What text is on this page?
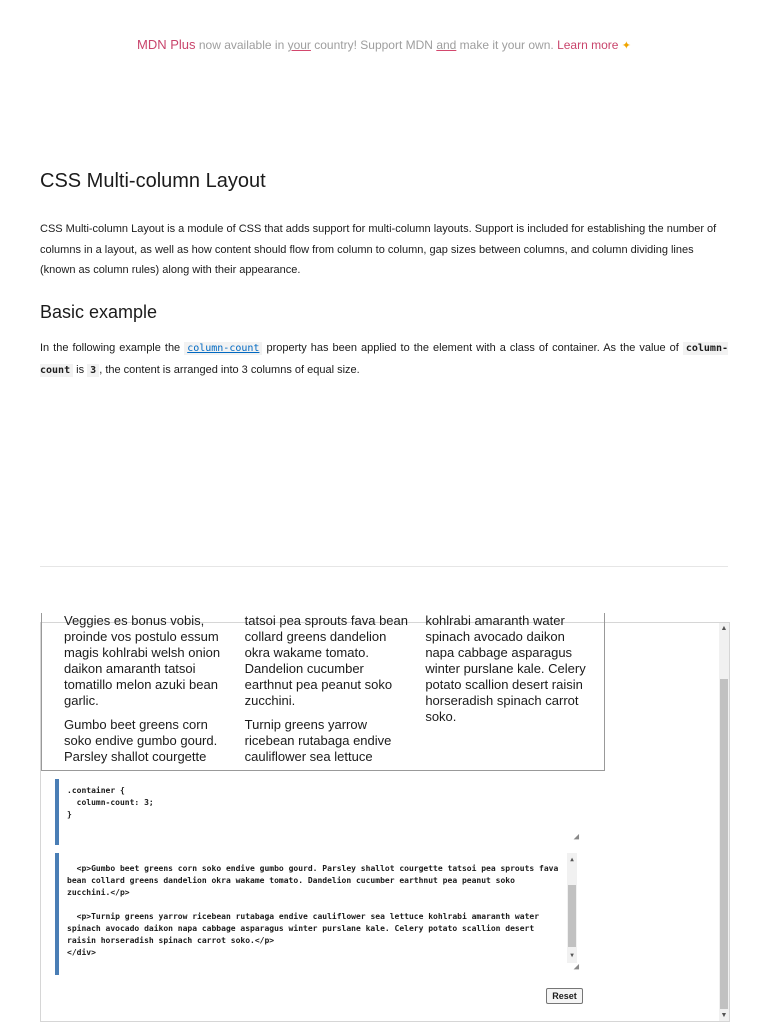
MDN Plus now available in your country! Support MDN and make it your own. Learn more ✦
CSS Multi-column Layout

CSS Multi-column Layout is a module of CSS that adds support for multi-column layouts. Support is included for establishing the number of columns in a layout, as well as how content should flow from column to column, gap sizes between columns, and column dividing lines (known as column rules) along with their appearance.

Basic example

In the following example the column-count property has been applied to the element with a class of container. As the value of column-count is 3 , the content is arranged into 3 columns of equal size.

Veggies es bonus vobis, proinde vos postulo essum magis kohlrabi welsh onion daikon amaranth tatsoi tomatillo melon azuki bean garlic.

Gumbo beet greens corn soko endive gumbo gourd. Parsley shallot courgette tatsoi pea sprouts fava bean collard greens dandelion okra wakame tomato. Dandelion cucumber earthnut pea peanut soko zucchini.

Turnip greens yarrow ricebean rutabaga endive cauliflower sea lettuce kohlrabi amaranth water spinach avocado daikon napa cabbage asparagus winter purslane kale. Celery potato scallion desert raisin horseradish spinach carrot soko.

.container {
column-count: 3;
}
◢
<p>Gumbo beet greens corn soko endive gumbo gourd. Parsley shallot courgette tatsoi pea sprouts fava bean collard greens dandelion okra wakame tomato. Dandelion cucumber earthnut pea peanut soko zucchini.</p>

<p>Turnip greens yarrow ricebean rutabaga endive cauliflower sea lettuce kohlrabi amaranth water spinach avocado daikon napa cabbage asparagus winter purslane kale. Celery potato scallion desert raisin horseradish spinach carrot soko.</p>
</div>
▲
▼
◢
Reset
▲
▼
